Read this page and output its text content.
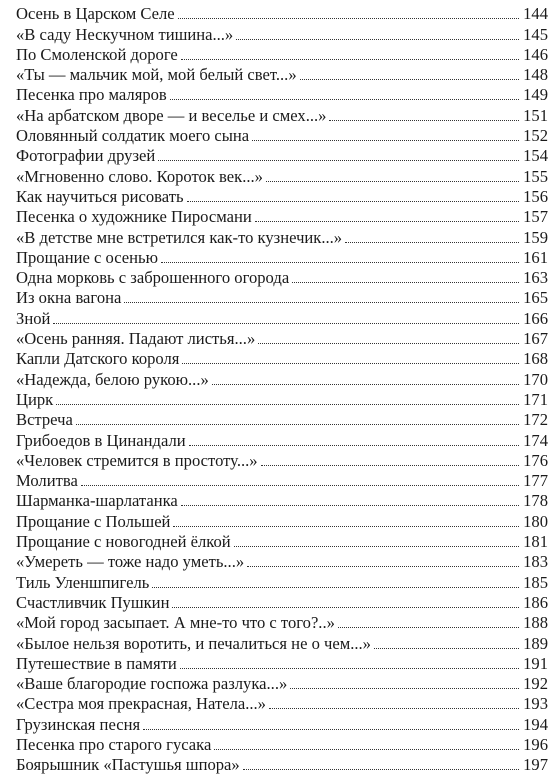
Осень в Царском Селе	144
«В саду Нескучном тишина...»	145
По Смоленской дороге	146
«Ты — мальчик мой, мой белый свет...»	148
Песенка про маляров	149
«На арбатском дворе — и веселье и смех...»	151
Оловянный солдатик моего сына	152
Фотографии друзей	154
«Мгновенно слово. Короток век...»	155
Как научиться рисовать	156
Песенка о художнике Пиросмани	157
«В детстве мне встретился как-то кузнечик...»	159
Прощание с осенью	161
Одна морковь с заброшенного огорода	163
Из окна вагона	165
Зной	166
«Осень ранняя. Падают листья...»	167
Капли Датского короля	168
«Надежда, белою рукою...»	170
Цирк	171
Встреча	172
Грибоедов в Цинандали	174
«Человек стремится в простоту...»	176
Молитва	177
Шарманка-шарлатанка	178
Прощание с Польшей	180
Прощание с новогодней ёлкой	181
«Умереть — тоже надо уметь...»	183
Тиль Уленшпигель	185
Счастливчик Пушкин	186
«Мой город засыпает. А мне-то что с того?..»	188
«Былое нельзя воротить, и печалиться не о чем...»	189
Путешествие в памяти	191
«Ваше благородие госпожа разлука...»	192
«Сестра моя прекрасная, Натела...»	193
Грузинская песня	194
Песенка про старого гусака	196
Боярышник «Пастушья шпора»	197
